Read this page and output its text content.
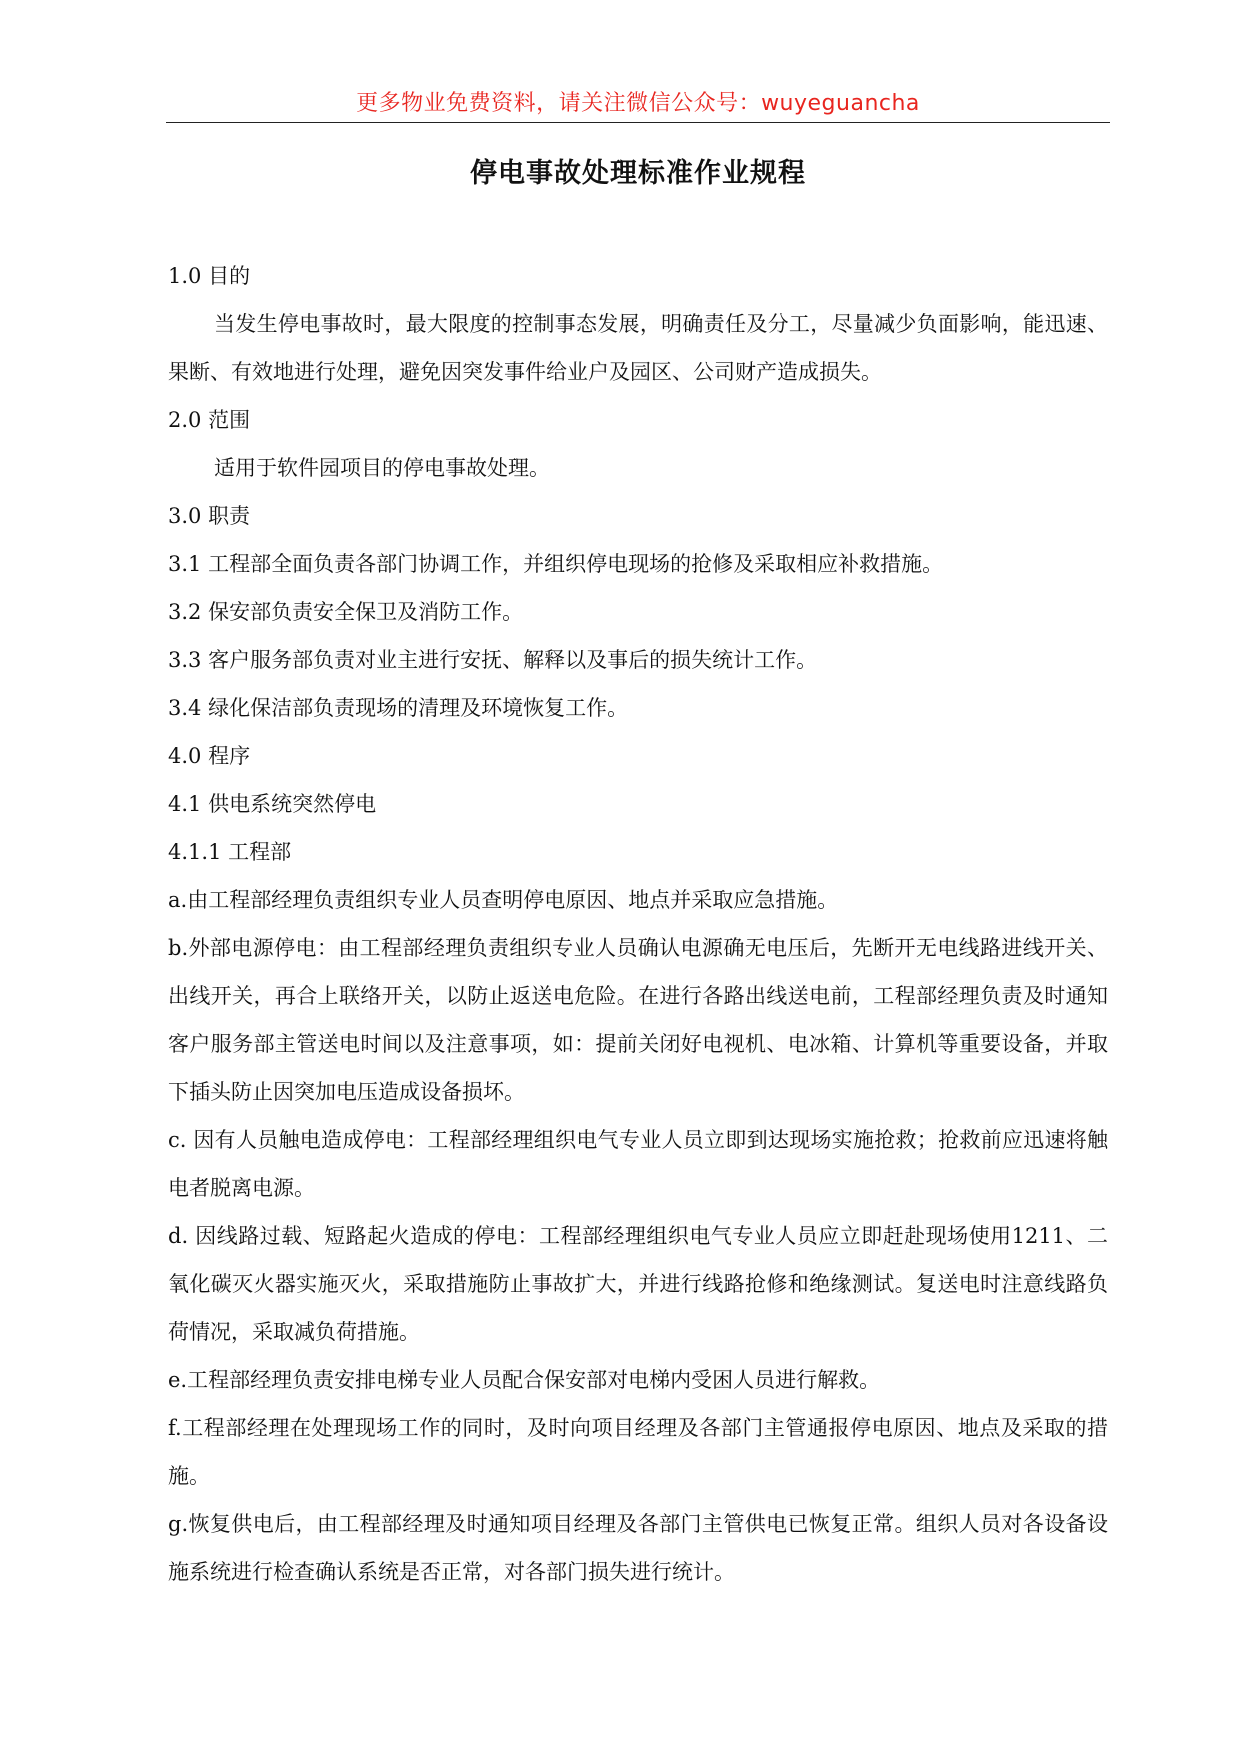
更多物业免费资料，请关注微信公众号：wuyeguancha
停电事故处理标准作业规程

1.0 目的

当发生停电事故时，最大限度的控制事态发展，明确责任及分工，尽量减少负面影响，能迅速、果断、有效地进行处理，避免因突发事件给业户及园区、公司财产造成损失。

2.0 范围

适用于软件园项目的停电事故处理。

3.0 职责

3.1 工程部全面负责各部门协调工作，并组织停电现场的抢修及采取相应补救措施。

3.2 保安部负责安全保卫及消防工作。

3.3 客户服务部负责对业主进行安抚、解释以及事后的损失统计工作。

3.4 绿化保洁部负责现场的清理及环境恢复工作。

4.0 程序

4.1 供电系统突然停电

4.1.1 工程部

a.由工程部经理负责组织专业人员查明停电原因、地点并采取应急措施。

b.外部电源停电：由工程部经理负责组织专业人员确认电源确无电压后，先断开无电线路进线开关、出线开关，再合上联络开关，以防止返送电危险。在进行各路出线送电前，工程部经理负责及时通知客户服务部主管送电时间以及注意事项，如：提前关闭好电视机、电冰箱、计算机等重要设备，并取下插头防止因突加电压造成设备损坏。

c. 因有人员触电造成停电：工程部经理组织电气专业人员立即到达现场实施抢救；抢救前应迅速将触电者脱离电源。

d. 因线路过载、短路起火造成的停电：工程部经理组织电气专业人员应立即赶赴现场使用1211、二氧化碳灭火器实施灭火，采取措施防止事故扩大，并进行线路抢修和绝缘测试。复送电时注意线路负荷情况，采取减负荷措施。

e.工程部经理负责安排电梯专业人员配合保安部对电梯内受困人员进行解救。

f.工程部经理在处理现场工作的同时，及时向项目经理及各部门主管通报停电原因、地点及采取的措施。

g.恢复供电后，由工程部经理及时通知项目经理及各部门主管供电已恢复正常。组织人员对各设备设施系统进行检查确认系统是否正常，对各部门损失进行统计。
